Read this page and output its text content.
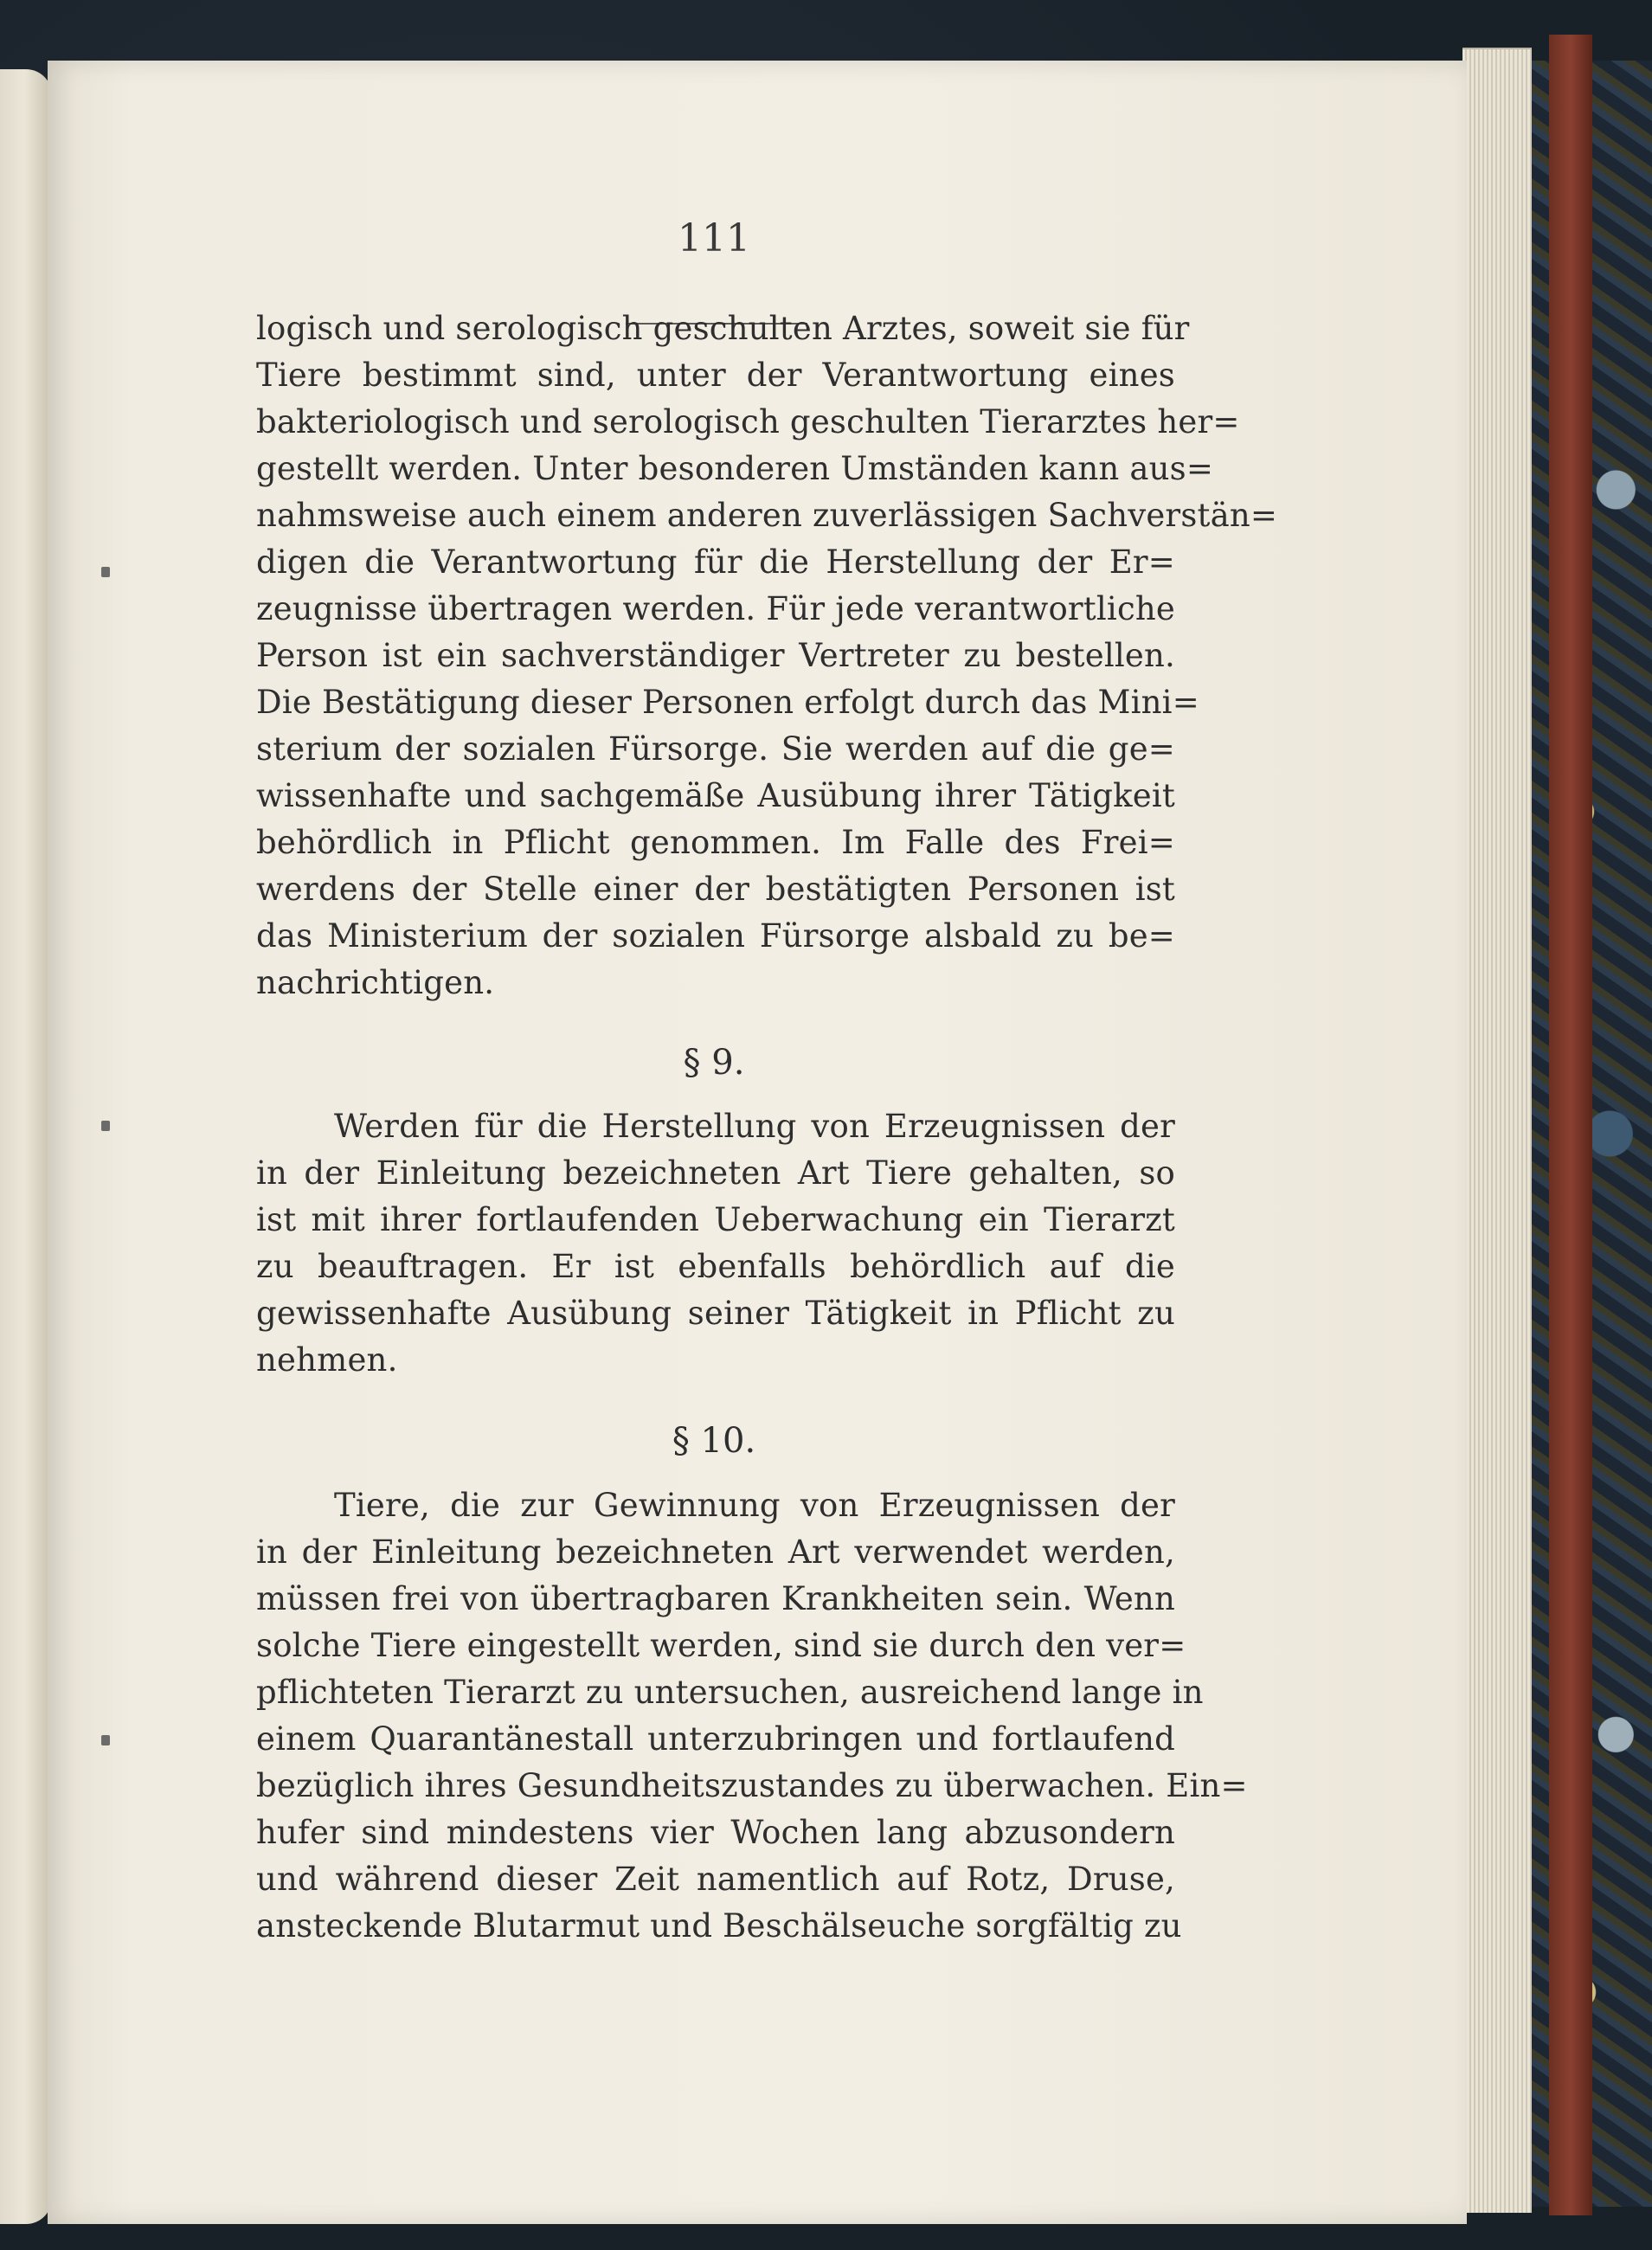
111
logisch und serologisch geschulten Arztes, soweit sie für
Tiere bestimmt sind, unter der Verantwortung eines
bakteriologisch und serologisch geschulten Tierarztes her=
gestellt werden. Unter besonderen Umständen kann aus=
nahmsweise auch einem anderen zuverlässigen Sachverstän=
digen die Verantwortung für die Herstellung der Er=
zeugnisse übertragen werden. Für jede verantwortliche
Person ist ein sachverständiger Vertreter zu bestellen.
Die Bestätigung dieser Personen erfolgt durch das Mini=
sterium der sozialen Fürsorge. Sie werden auf die ge=
wissenhafte und sachgemäße Ausübung ihrer Tätigkeit
behördlich in Pflicht genommen. Im Falle des Frei=
werdens der Stelle einer der bestätigten Personen ist
das Ministerium der sozialen Fürsorge alsbald zu be=
nachrichtigen.
§ 9.
Werden für die Herstellung von Erzeugnissen der
in der Einleitung bezeichneten Art Tiere gehalten, so
ist mit ihrer fortlaufenden Ueberwachung ein Tierarzt
zu beauftragen. Er ist ebenfalls behördlich auf die
gewissenhafte Ausübung seiner Tätigkeit in Pflicht zu
nehmen.
§ 10.
Tiere, die zur Gewinnung von Erzeugnissen der
in der Einleitung bezeichneten Art verwendet werden,
müssen frei von übertragbaren Krankheiten sein. Wenn
solche Tiere eingestellt werden, sind sie durch den ver=
pflichteten Tierarzt zu untersuchen, ausreichend lange in
einem Quarantänestall unterzubringen und fortlaufend
bezüglich ihres Gesundheitszustandes zu überwachen. Ein=
hufer sind mindestens vier Wochen lang abzusondern
und während dieser Zeit namentlich auf Rotz, Druse,
ansteckende Blutarmut und Beschälseuche sorgfältig zu
